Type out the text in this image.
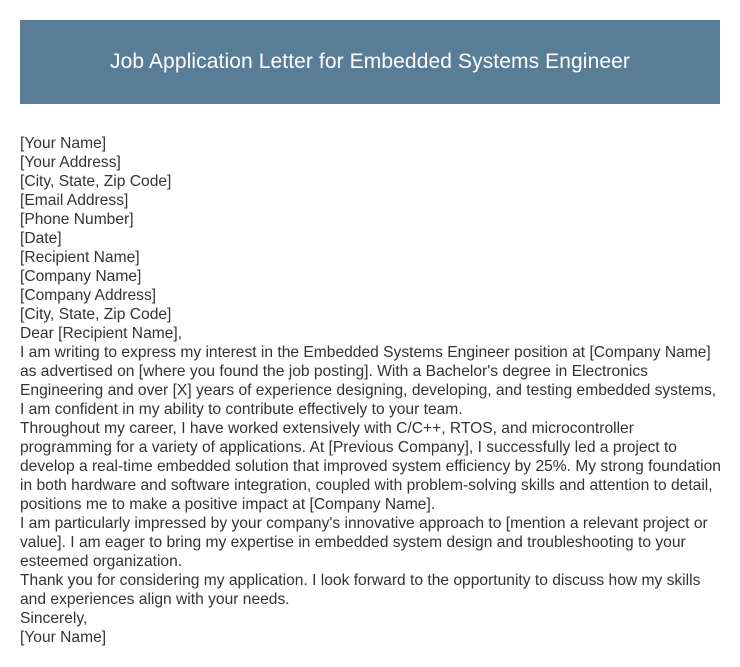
Job Application Letter for Embedded Systems Engineer
[Your Name]
[Your Address]
[City, State, Zip Code]
[Email Address]
[Phone Number]
[Date]
[Recipient Name]
[Company Name]
[Company Address]
[City, State, Zip Code]
Dear [Recipient Name],
I am writing to express my interest in the Embedded Systems Engineer position at [Company Name] as advertised on [where you found the job posting]. With a Bachelor's degree in Electronics Engineering and over [X] years of experience designing, developing, and testing embedded systems, I am confident in my ability to contribute effectively to your team.
Throughout my career, I have worked extensively with C/C++, RTOS, and microcontroller programming for a variety of applications. At [Previous Company], I successfully led a project to develop a real-time embedded solution that improved system efficiency by 25%. My strong foundation in both hardware and software integration, coupled with problem-solving skills and attention to detail, positions me to make a positive impact at [Company Name].
I am particularly impressed by your company's innovative approach to [mention a relevant project or value]. I am eager to bring my expertise in embedded system design and troubleshooting to your esteemed organization.
Thank you for considering my application. I look forward to the opportunity to discuss how my skills and experiences align with your needs.
Sincerely,
[Your Name]
